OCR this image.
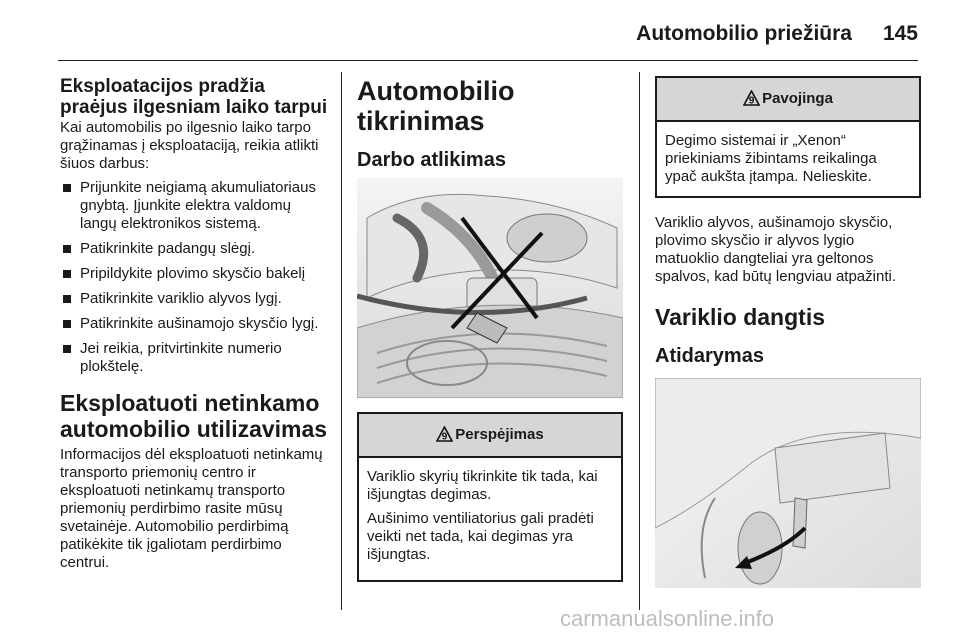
Automobilio priežiūra 145
Eksploatacijos pradžia praėjus ilgesniam laiko tarpui

Kai automobilis po ilgesnio laiko tarpo grąžinamas į eksploataciją, reikia atlikti šiuos darbus:

Prijunkite neigiamą akumuliatoriaus gnybtą. Įjunkite elektra valdomų langų elektronikos sistemą.
Patikrinkite padangų slėgį.
Pripildykite plovimo skysčio bakelį
Patikrinkite variklio alyvos lygį.
Patikrinkite aušinamojo skysčio lygį.
Jei reikia, pritvirtinkite numerio plokštelę.
Eksploatuoti netinkamo automobilio utilizavimas

Informacijos dėl eksploatuoti netinkamų transporto priemonių centro ir eksploatuoti netinkamų transporto priemonių perdirbimo rasite mūsų svetainėje. Automobilio perdirbimą patikėkite tik įgaliotam perdirbimo centrui.

Automobilio tikrinimas
Darbo atlikimas
9 Perspėjimas

Variklio skyrių tikrinkite tik tada, kai išjungtas degimas.

Aušinimo ventiliatorius gali pradėti veikti net tada, kai degimas yra išjungtas.

9 Pavojinga

Degimo sistemai ir „Xenon“ priekiniams žibintams reikalinga ypač aukšta įtampa. Nelieskite.

Variklio alyvos, aušinamojo skysčio, plovimo skysčio ir alyvos lygio matuoklio dangteliai yra geltonos spalvos, kad būtų lengviau atpažinti.

Variklio dangtis
Atidarymas
carmanualsonline.info
